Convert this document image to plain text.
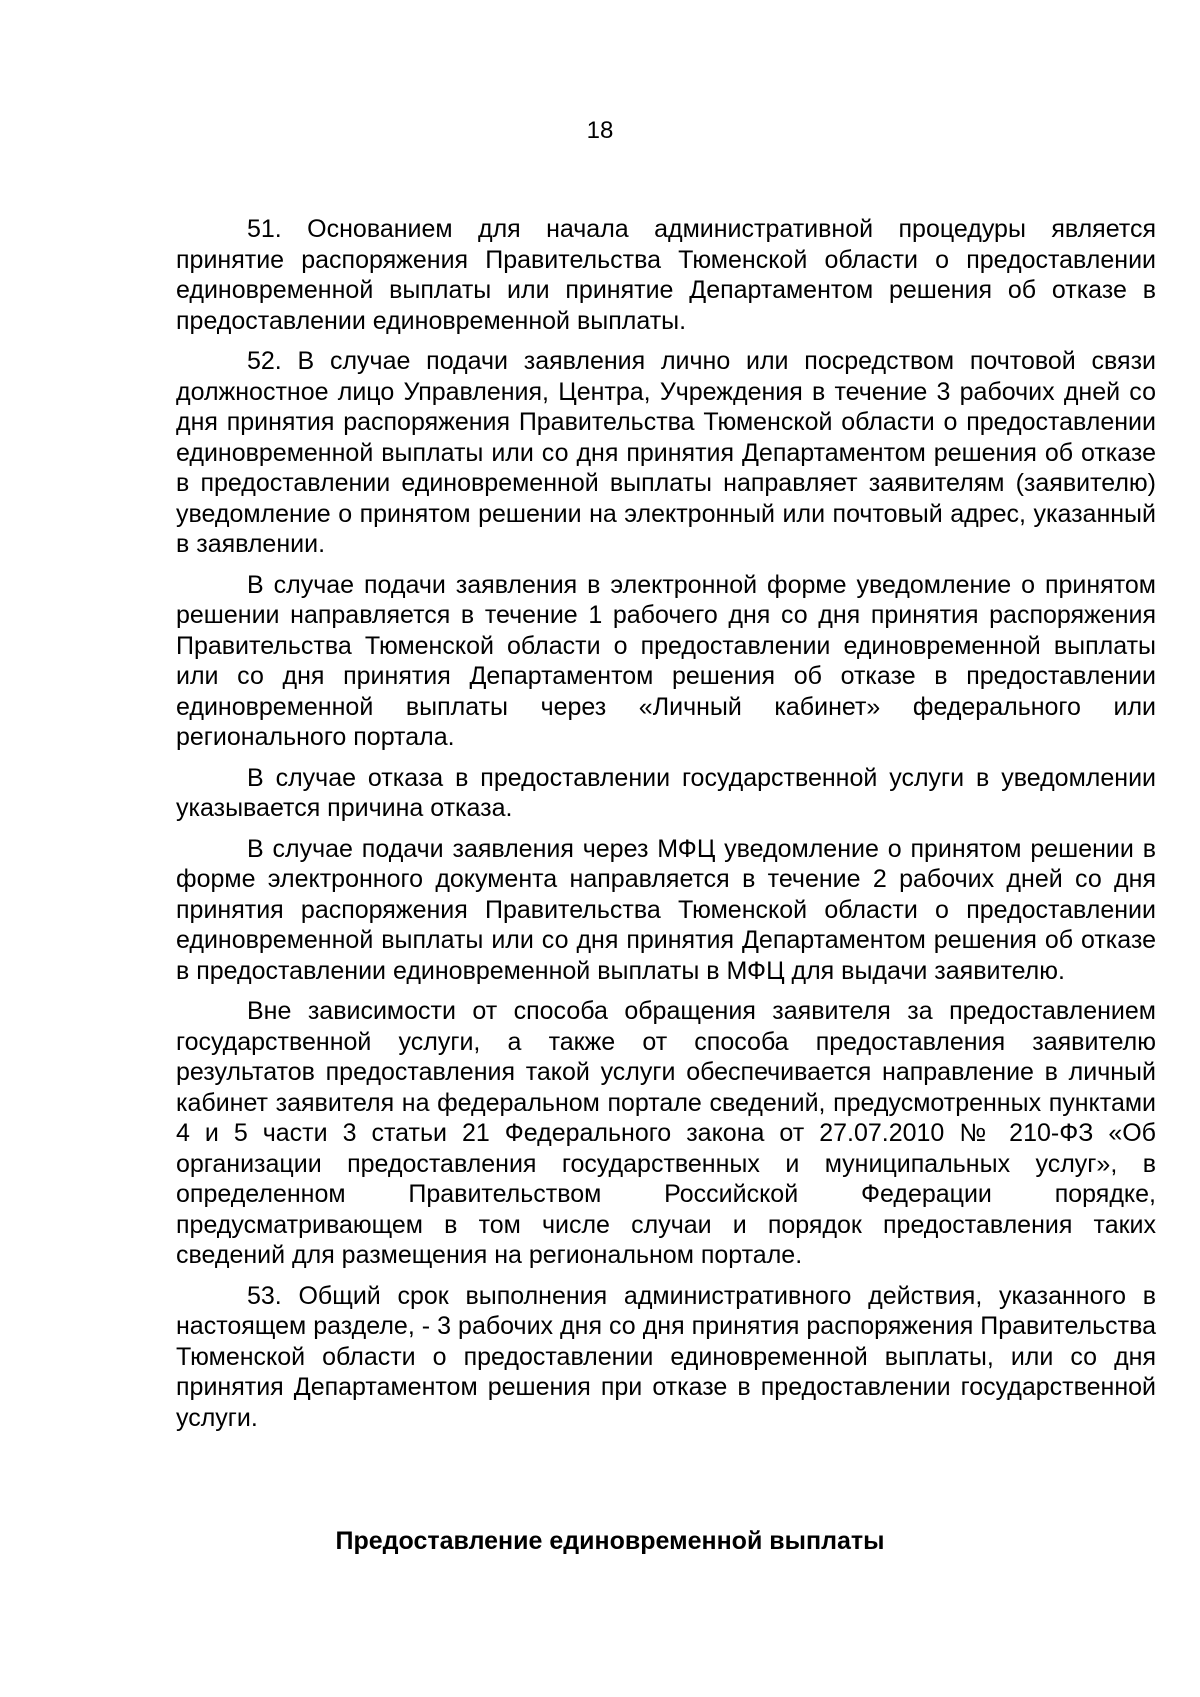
18

51. Основанием для начала административной процедуры является принятие распоряжения Правительства Тюменской области о предоставлении единовременной выплаты или принятие Департаментом решения об отказе в предоставлении единовременной выплаты.

52. В случае подачи заявления лично или посредством почтовой связи должностное лицо Управления, Центра, Учреждения в течение 3 рабочих дней со дня принятия распоряжения Правительства Тюменской области о предоставлении единовременной выплаты или со дня принятия Департаментом решения об отказе в предоставлении единовременной выплаты направляет заявителям (заявителю) уведомление о принятом решении на электронный или почтовый адрес, указанный в заявлении.

В случае подачи заявления в электронной форме уведомление о принятом решении направляется в течение 1 рабочего дня со дня принятия распоряжения Правительства Тюменской области о предоставлении единовременной выплаты или со дня принятия Департаментом решения об отказе в предоставлении единовременной выплаты через «Личный кабинет» федерального или регионального портала.

В случае отказа в предоставлении государственной услуги в уведомлении указывается причина отказа.

В случае подачи заявления через МФЦ уведомление о принятом решении в форме электронного документа направляется в течение 2 рабочих дней со дня принятия распоряжения Правительства Тюменской области о предоставлении единовременной выплаты или со дня принятия Департаментом решения об отказе в предоставлении единовременной выплаты в МФЦ для выдачи заявителю.

Вне зависимости от способа обращения заявителя за предоставлением государственной услуги, а также от способа предоставления заявителю результатов предоставления такой услуги обеспечивается направление в личный кабинет заявителя на федеральном портале сведений, предусмотренных пунктами 4 и 5 части 3 статьи 21 Федерального закона от 27.07.2010 № 210-ФЗ «Об организации предоставления государственных и муниципальных услуг», в определенном Правительством Российской Федерации порядке, предусматривающем в том числе случаи и порядок предоставления таких сведений для размещения на региональном портале.

53. Общий срок выполнения административного действия, указанного в настоящем разделе, - 3 рабочих дня со дня принятия распоряжения Правительства Тюменской области о предоставлении единовременной выплаты, или со дня принятия Департаментом решения при отказе в предоставлении государственной услуги.

Предоставление единовременной выплаты
